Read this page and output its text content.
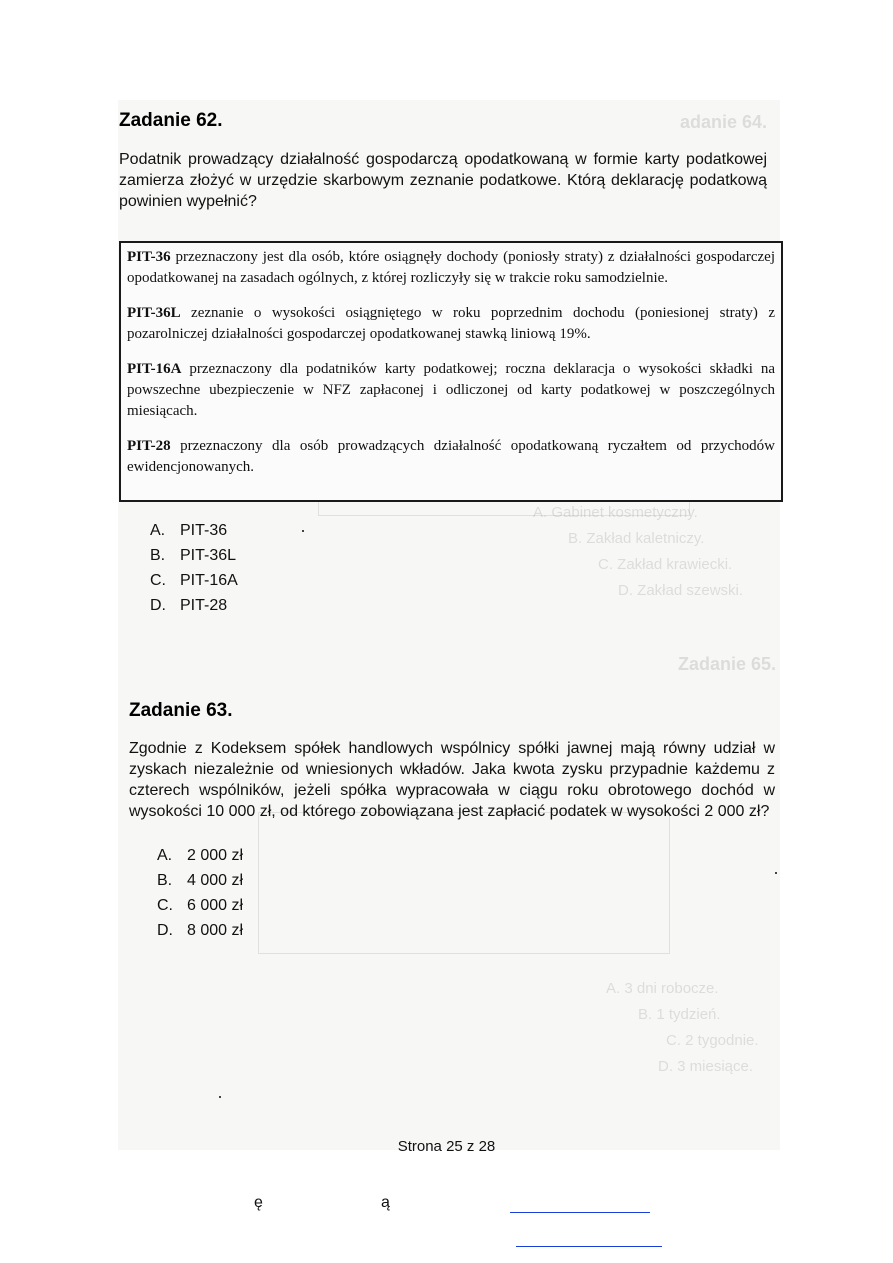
adanie 64.
A. Gabinet kosmetyczny.
B. Zakład kaletniczy.
C. Zakład krawiecki.
D. Zakład szewski.
Zadanie 65.
A. 3 dni robocze.
B. 1 tydzień.
C. 2 tygodnie.
D. 3 miesiące.
Zadanie 62.
Podatnik prowadzący działalność gospodarczą opodatkowaną w formie karty podatkowej zamierza złożyć w urzędzie skarbowym zeznanie podatkowe. Którą deklarację podatkową powinien wypełnić?

PIT-36 przeznaczony jest dla osób, które osiągnęły dochody (poniosły straty) z działalności gospodarczej opodatkowanej na zasadach ogólnych, z której rozliczyły się w trakcie roku samodzielnie.

PIT-36L zeznanie o wysokości osiągniętego w roku poprzednim dochodu (poniesionej straty) z pozarolniczej działalności gospodarczej opodatkowanej stawką liniową 19%.

PIT-16A przeznaczony dla podatników karty podatkowej; roczna deklaracja o wysokości składki na powszechne ubezpieczenie w NFZ zapłaconej i odliczonej od karty podatkowej w poszczególnych miesiącach.

PIT-28 przeznaczony dla osób prowadzących działalność opodatkowaną ryczałtem od przychodów ewidencjonowanych.

A. PIT-36
B. PIT-36L
C. PIT-16A
D. PIT-28
Zadanie 63.
Zgodnie z Kodeksem spółek handlowych wspólnicy spółki jawnej mają równy udział w zyskach niezależnie od wniesionych wkładów. Jaka kwota zysku przypadnie każdemu z czterech wspólników, jeżeli spółka wypracowała w ciągu roku obrotowego dochód w wysokości 10 000 zł, od którego zobowiązana jest zapłacić podatek w wysokości 2 000 zł?
A. 2 000 zł
B. 4 000 zł
C. 6 000 zł
D. 8 000 zł
Strona 25 z 28
ę	ą
